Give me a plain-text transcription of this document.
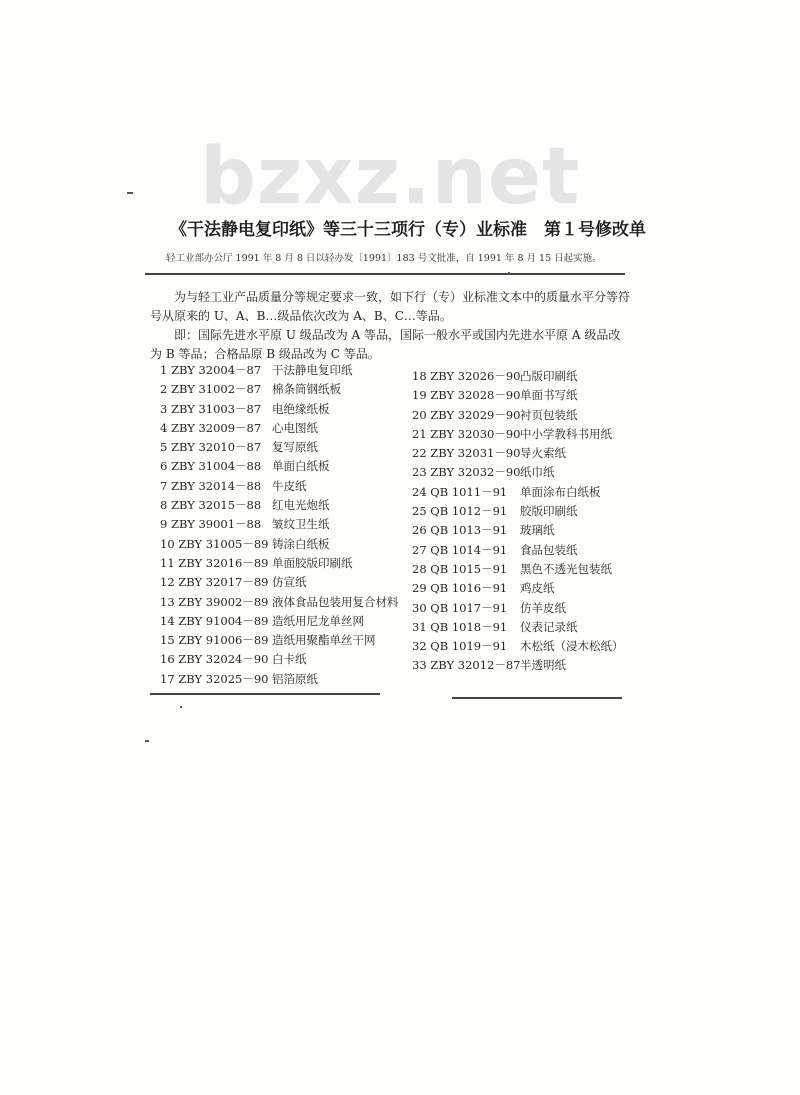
bzxz.net
《干法静电复印纸》等三十三项行（专）业标准　第１号修改单
轻工业部办公厅 1991 年 8 月 8 日以轻办发〔1991〕183 号文批准，自 1991 年 8 月 15 日起实施。

为与轻工业产品质量分等规定要求一致，如下行（专）业标准文本中的质量水平分等符号从原来的 U、A、B…级品依次改为 A、B、C…等品。

即：国际先进水平原 U 级品改为 A 等品，国际一般水平或国内先进水平原 A 级品改为 B 等品；合格品原 B 级品改为 C 等品。

1 ZBY 32004－87 干法静电复印纸
2 ZBY 31002－87 棉条筒钢纸板
3 ZBY 31003－87 电绝缘纸板
4 ZBY 32009－87 心电图纸
5 ZBY 32010－87 复写原纸
6 ZBY 31004－88 单面白纸板
7 ZBY 32014－88 牛皮纸
8 ZBY 32015－88 红电光炮纸
9 ZBY 39001－88 皱纹卫生纸
10 ZBY 31005－89 铸涂白纸板
11 ZBY 32016－89 单面胶版印刷纸
12 ZBY 32017－89 仿宣纸
13 ZBY 39002－89 液体食品包装用复合材料
14 ZBY 91004－89 造纸用尼龙单丝网
15 ZBY 91006－89 造纸用聚酯单丝干网
16 ZBY 32024－90 白卡纸
17 ZBY 32025－90 铝箔原纸
18 ZBY 32026－90 凸版印刷纸
19 ZBY 32028－90 单面书写纸
20 ZBY 32029－90 衬页包装纸
21 ZBY 32030－90 中小学教科书用纸
22 ZBY 32031－90 导火索纸
23 ZBY 32032－90 纸巾纸
24 QB 1011－91	单面涂布白纸板
25 QB 1012－91	胶版印刷纸
26 QB 1013－91	玻璃纸
27 QB 1014－91	食品包装纸
28 QB 1015－91	黑色不透光包装纸
29 QB 1016－91	鸡皮纸
30 QB 1017－91	仿羊皮纸
31 QB 1018－91	仪表记录纸
32 QB 1019－91	木松纸（浸木松纸）
33 ZBY 32012－87 半透明纸
